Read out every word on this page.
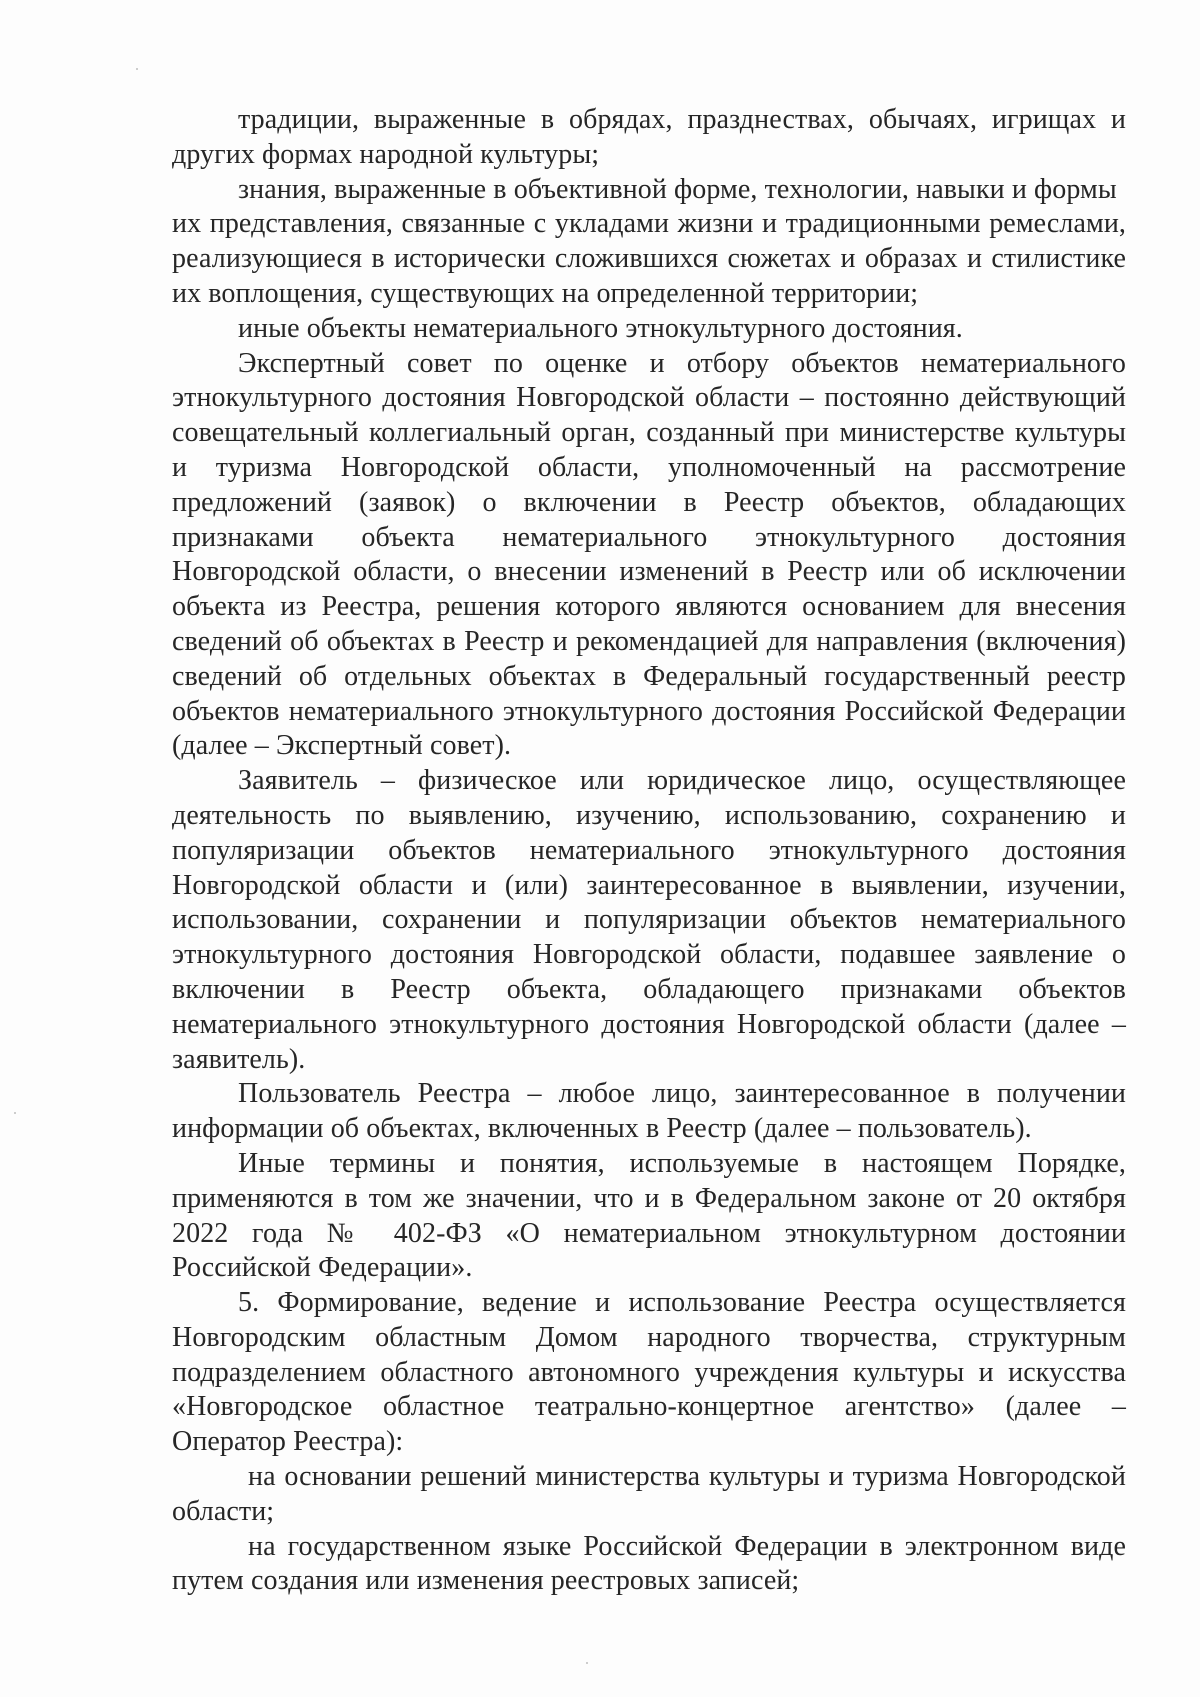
традиции, выраженные в обрядах, празднествах, обычаях, игрищах и других формах народной культуры;

знания, выраженные в объективной форме, технологии, навыки и формы

их представления, связанные с укладами жизни и традиционными ремеслами, реализующиеся в исторически сложившихся сюжетах и образах и стилистике их воплощения, существующих на определенной территории;

иные объекты нематериального этнокультурного достояния.

Экспертный совет по оценке и отбору объектов нематериального этнокультурного достояния Новгородской области – постоянно действующий совещательный коллегиальный орган, созданный при министерстве культуры и туризма Новгородской области, уполномоченный на рассмотрение предложений (заявок) о включении в Реестр объектов, обладающих признаками объекта нематериального этнокультурного достояния Новгородской области, о внесении изменений в Реестр или об исключении объекта из Реестра, решения которого являются основанием для внесения сведений об объектах в Реестр и рекомендацией для направления (включения) сведений об отдельных объектах в Федеральный государственный реестр объектов нематериального этнокультурного достояния Российской Федерации (далее – Экспертный совет).

Заявитель – физическое или юридическое лицо, осуществляющее деятельность по выявлению, изучению, использованию, сохранению и популяризации объектов нематериального этнокультурного достояния Новгородской области и (или) заинтересованное в выявлении, изучении, использовании, сохранении и популяризации объектов нематериального этнокультурного достояния Новгородской области, подавшее заявление о включении в Реестр объекта, обладающего признаками объектов нематериального этнокультурного достояния Новгородской области (далее – заявитель).

Пользователь Реестра – любое лицо, заинтересованное в получении информации об объектах, включенных в Реестр (далее – пользователь).

Иные термины и понятия, используемые в настоящем Порядке, применяются в том же значении, что и в Федеральном законе от 20 октября 2022 года № 402-ФЗ «О нематериальном этнокультурном достоянии Российской Федерации».

5. Формирование, ведение и использование Реестра осуществляется Новгородским областным Домом народного творчества, структурным подразделением областного автономного учреждения культуры и искусства «Новгородское областное театрально-концертное агентство» (далее – Оператор Реестра):

на основании решений министерства культуры и туризма Новгородской области;

на государственном языке Российской Федерации в электронном виде путем создания или изменения реестровых записей;
